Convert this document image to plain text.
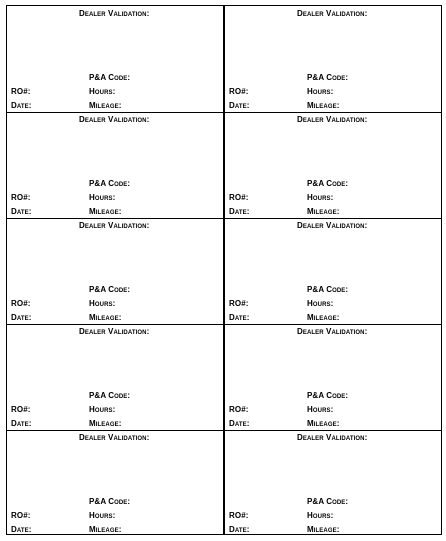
Dealer Validation:
P&A Code:
Hours:
Mileage:
RO#:
Date:
Dealer Validation:
P&A Code:
Hours:
Mileage:
RO#:
Date:
Dealer Validation:
P&A Code:
Hours:
Mileage:
RO#:
Date:
Dealer Validation:
P&A Code:
Hours:
Mileage:
RO#:
Date:
Dealer Validation:
P&A Code:
Hours:
Mileage:
RO#:
Date:
Dealer Validation:
P&A Code:
Hours:
Mileage:
RO#:
Date:
Dealer Validation:
P&A Code:
Hours:
Mileage:
RO#:
Date:
Dealer Validation:
P&A Code:
Hours:
Mileage:
RO#:
Date:
Dealer Validation:
P&A Code:
Hours:
Mileage:
RO#:
Date:
Dealer Validation:
P&A Code:
Hours:
Mileage:
RO#:
Date:
